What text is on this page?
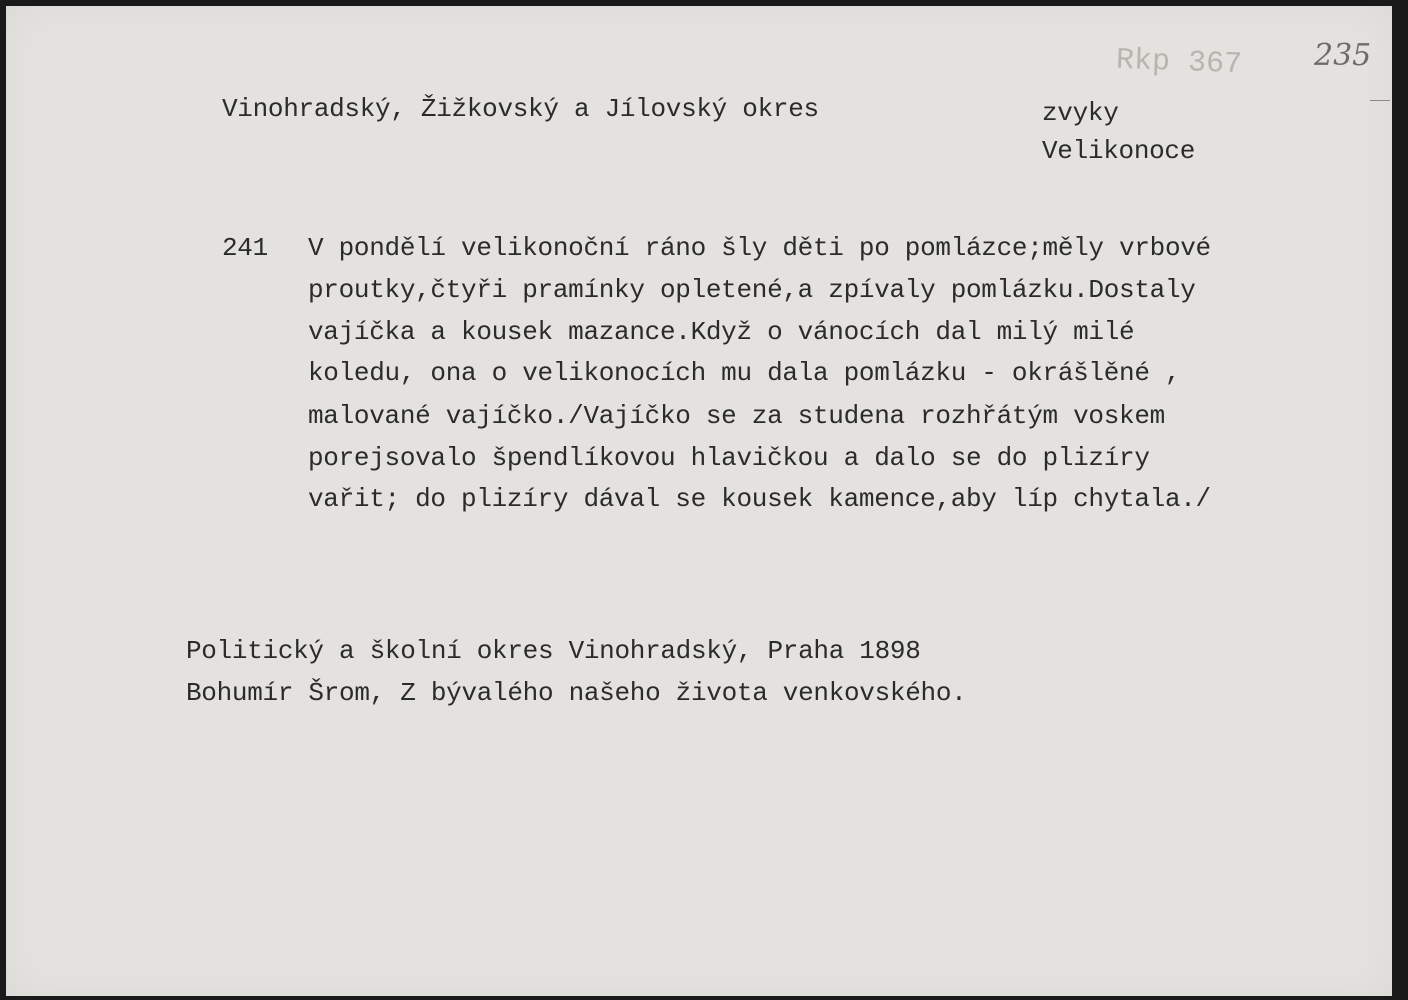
Rkp 367 235
Vinohradský, Žižkovský a Jílovský okres	zvyky
Velikonoce
241 V pondělí velikonoční ráno šly děti po pomlázce;měly vrbové
proutky,čtyři pramínky opletené,a zpívaly pomlázku.Dostaly
vajíčka a kousek mazance.Když o vánocích dal milý milé
koledu, ona o velikonocích mu dala pomlázku - okrášlěné ,
malované vajíčko./Vajíčko se za studena rozhřátým voskem
porejsovalo špendlíkovou hlavičkou a dalo se do plizíry
vařit; do plizíry dával se kousek kamence,aby líp chytala./
Politický a školní okres Vinohradský, Praha 1898
Bohumír Šrom, Z bývalého našeho života venkovského.
